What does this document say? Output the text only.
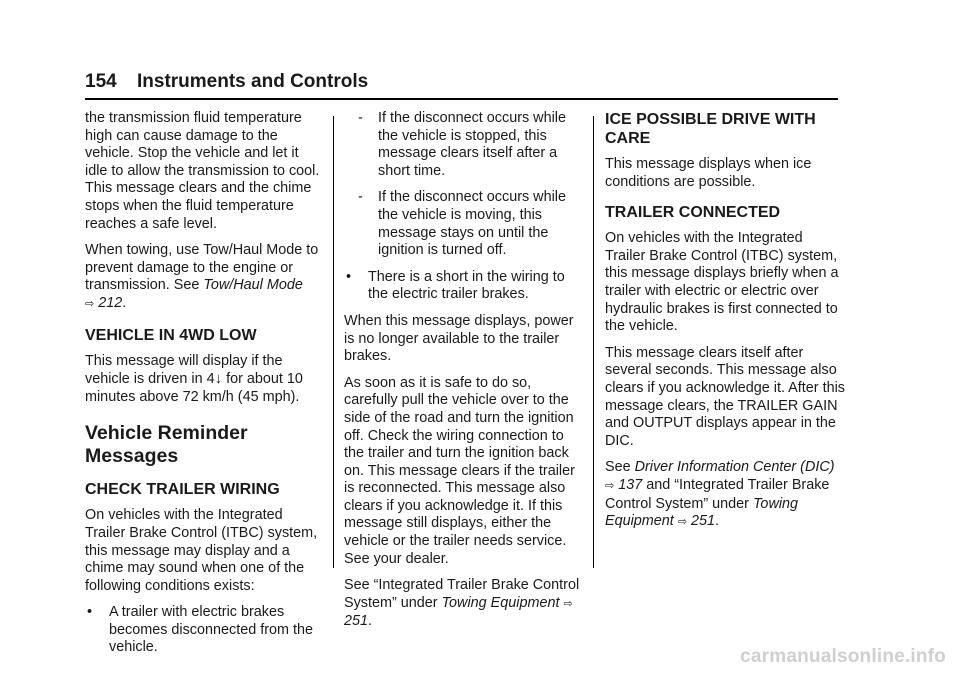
154 Instruments and Controls

the transmission fluid temperature high can cause damage to the vehicle. Stop the vehicle and let it idle to allow the transmission to cool. This message clears and the chime stops when the fluid temperature reaches a safe level.

When towing, use Tow/Haul Mode to prevent damage to the engine or transmission. See Tow/Haul Mode
⇨ 212.

VEHICLE IN 4WD LOW

This message will display if the vehicle is driven in 4↓ for about 10 minutes above 72 km/h (45 mph).

Vehicle Reminder Messages
CHECK TRAILER WIRING

On vehicles with the Integrated Trailer Brake Control (ITBC) system, this message may display and a chime may sound when one of the following conditions exists:

• A trailer with electric brakes becomes disconnected from the vehicle.
- If the disconnect occurs while the vehicle is stopped, this message clears itself after a short time.
- If the disconnect occurs while the vehicle is moving, this message stays on until the ignition is turned off.
• There is a short in the wiring to the electric trailer brakes.

When this message displays, power is no longer available to the trailer brakes.

As soon as it is safe to do so, carefully pull the vehicle over to the side of the road and turn the ignition off. Check the wiring connection to the trailer and turn the ignition back on. This message clears if the trailer is reconnected. This message also clears if you acknowledge it. If this message still displays, either the vehicle or the trailer needs service. See your dealer.

See “Integrated Trailer Brake Control System” under Towing Equipment ⇨ 251.

ICE POSSIBLE DRIVE WITH CARE

This message displays when ice conditions are possible.

TRAILER CONNECTED

On vehicles with the Integrated Trailer Brake Control (ITBC) system, this message displays briefly when a trailer with electric or electric over hydraulic brakes is first connected to the vehicle.

This message clears itself after several seconds. This message also clears if you acknowledge it. After this message clears, the TRAILER GAIN and OUTPUT displays appear in the DIC.

See Driver Information Center (DIC)
⇨ 137 and “Integrated Trailer Brake Control System” under Towing Equipment ⇨ 251.

carmanualsonline.info
